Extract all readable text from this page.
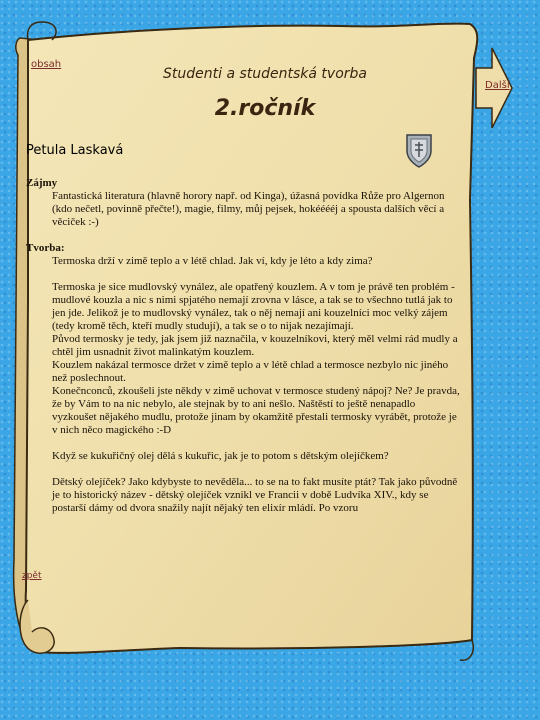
obsah
zpět
Další
Studenti a studentská tvorba
2.ročník
Petula Laskavá
Zájmy

Fantastická literatura (hlavně horory např. od Kinga), úžasná povídka Růže pro Algernon (kdo nečetl, povinně přečte!), magie, filmy, můj pejsek, hokééééj a spousta dalších věcí a věciček :-)

Tvorba:

Termoska drží v zimě teplo a v létě chlad. Jak ví, kdy je léto a kdy zima?

Termoska je sice mudlovský vynález, ale opatřený kouzlem. A v tom je právě ten problém - mudlové kouzla a nic s nimi spjatého nemají zrovna v lásce, a tak se to všechno tutlá jak to jen jde. Jelikož je to mudlovský vynález, tak o něj nemají ani kouzelníci moc velký zájem (tedy kromě těch, kteří mudly studují), a tak se o to nijak nezajímají.

Původ termosky je tedy, jak jsem již naznačila, v kouzelníkovi, který měl velmi rád mudly a chtěl jim usnadnit život malinkatým kouzlem.

Kouzlem nakázal termosce držet v zimě teplo a v létě chlad a termosce nezbylo nic jiného než poslechnout.

Konečnconců, zkoušeli jste někdy v zimě uchovat v termosce studený nápoj? Ne? Je pravda, že by Vám to na nic nebylo, ale stejnak by to ani nešlo. Naštěstí to ještě nenapadlo vyzkoušet nějakého mudlu, protože jinam by okamžitě přestali termosky vyrábět, protože je v nich něco magického :-D

Když se kukuřičný olej dělá s kukuřic, jak je to potom s dětským olejíčkem?

Dětský olejíček? Jako kdybyste to nevěděla... to se na to fakt musíte ptát? Tak jako původně je to historický název - dětský olejíček vznikl ve Francii v době Ludvíka XIV., kdy se postarší dámy od dvora snažily najít nějaký ten elixír mládí. Po vzoru
